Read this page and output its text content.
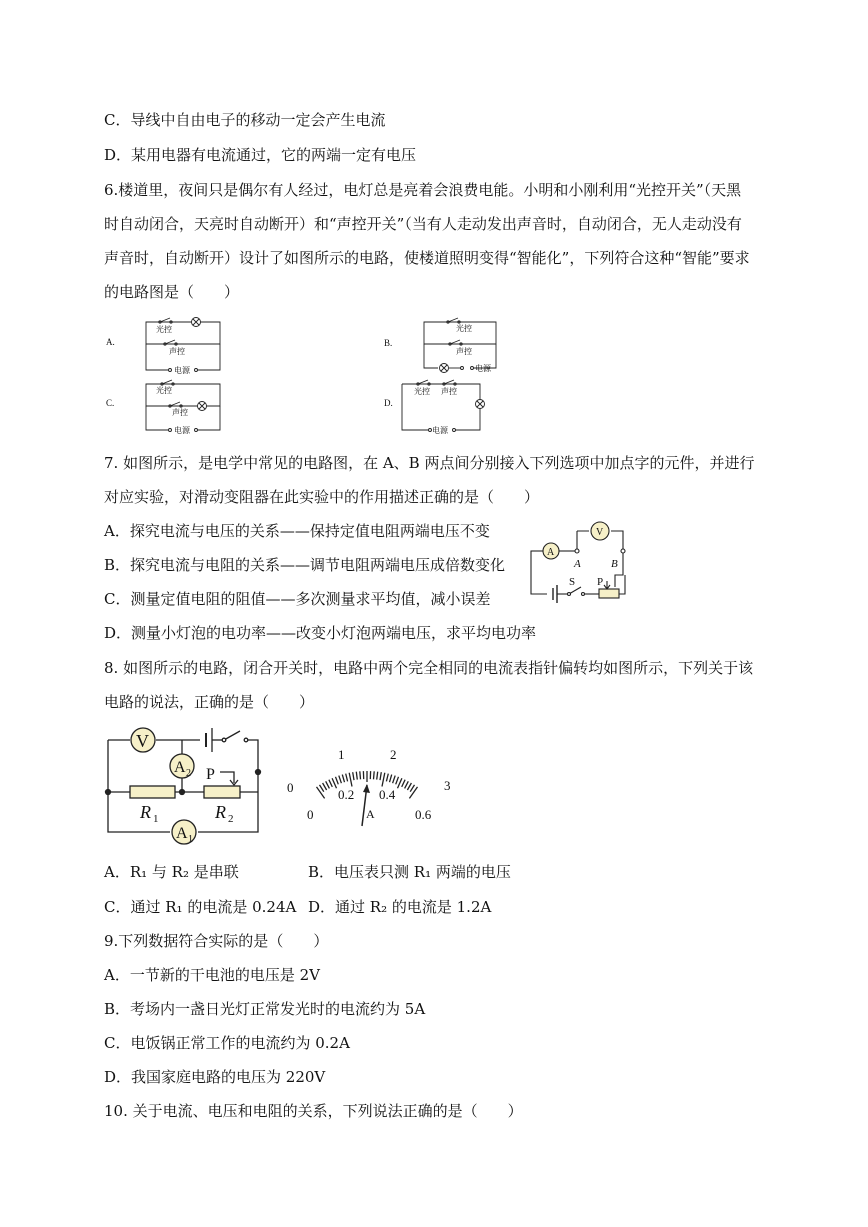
C．导线中自由电子的移动一定会产生电流
D．某用电器有电流通过，它的两端一定有电压
6.楼道里，夜间只是偶尔有人经过，电灯总是亮着会浪费电能。小明和小刚利用“光控开关”（天黑
时自动闭合，天亮时自动断开）和“声控开关”（当有人走动发出声音时，自动闭合，无人走动没有
声音时，自动断开）设计了如图所示的电路，使楼道照明变得“智能化”，下列符合这种“智能”要求
的电路图是（　　）
A.
光控
声控
电源
C.
光控
声控
电源
B.
光控
声控
电源
D.
光控 声控
电源
7. 如图所示，是电学中常见的电路图，在 A、B 两点间分别接入下列选项中加点字的元件，并进行
对应实验，对滑动变阻器在此实验中的作用描述正确的是（　　）
A．探究电流与电压的关系——保持定值电阻两端电压不变
B．探究电流与电阻的关系——调节电阻两端电压成倍数变化
C．测量定值电阻的阻值——多次测量求平均值，减小误差
D．测量小灯泡的电功率——改变小灯泡两端电压，求平均电功率
A
V
A	B
S P
8. 如图所示的电路，闭合开关时，电路中两个完全相同的电流表指针偏转均如图所示，下列关于该
电路的说法，正确的是（　　）
V
A 2
A 1
R 1	R 2
P
0
1	2
3
0
0.2 0.4
0.6
A
A．R₁ 与 R₂ 是串联	B．电压表只测 R₁ 两端的电压
C．通过 R₁ 的电流是 0.24A D．通过 R₂ 的电流是 1.2A
9.下列数据符合实际的是（　　）
A．一节新的干电池的电压是 2V
B．考场内一盏日光灯正常发光时的电流约为 5A
C．电饭锅正常工作的电流约为 0.2A
D．我国家庭电路的电压为 220V
10. 关于电流、电压和电阻的关系，下列说法正确的是（　　）
